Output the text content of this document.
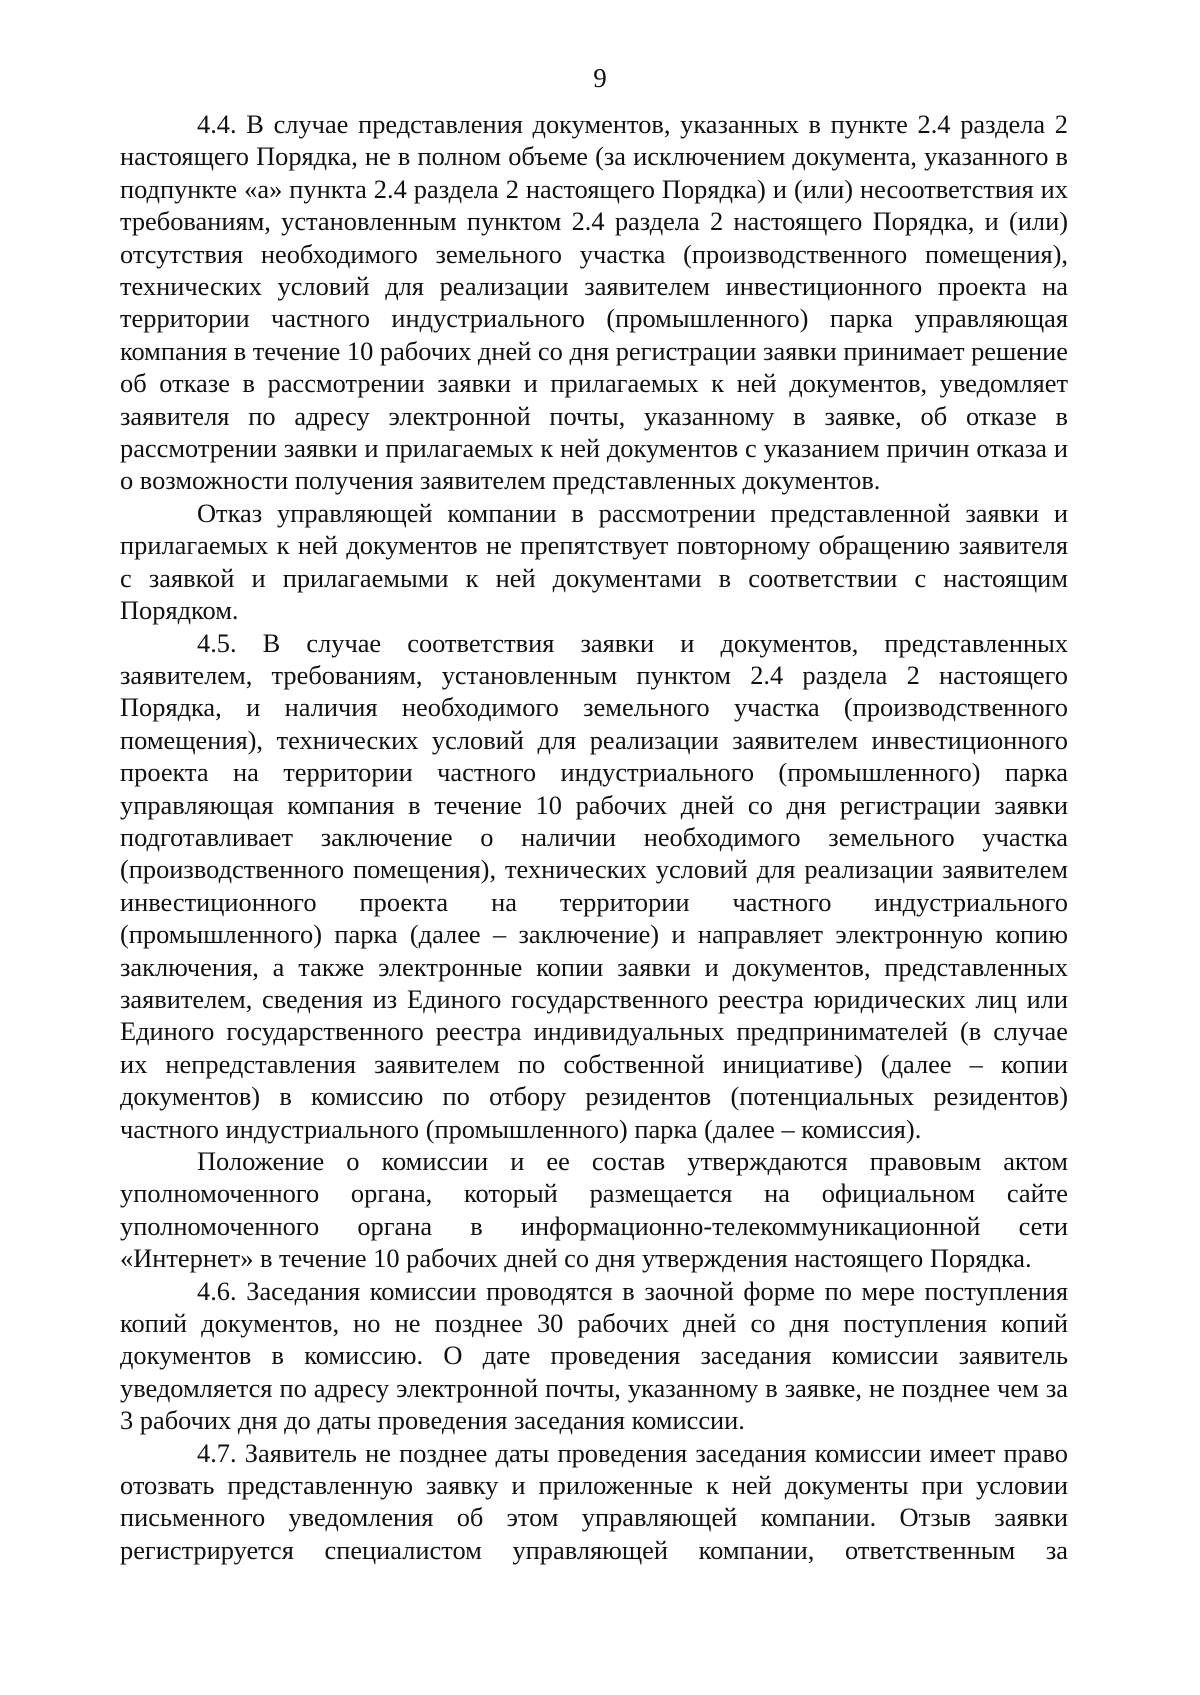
9

4.4. В случае представления документов, указанных в пункте 2.4 раздела 2 настоящего Порядка, не в полном объеме (за исключением документа, указанного в подпункте «а» пункта 2.4 раздела 2 настоящего Порядка) и (или) несоответствия их требованиям, установленным пунктом 2.4 раздела 2 настоящего Порядка, и (или) отсутствия необходимого земельного участка (производственного помещения), технических условий для реализации заявителем инвестиционного проекта на территории частного индустриального (промышленного) парка управляющая компания в течение 10 рабочих дней со дня регистрации заявки принимает решение об отказе в рассмотрении заявки и прилагаемых к ней документов, уведомляет заявителя по адресу электронной почты, указанному в заявке, об отказе в рассмотрении заявки и прилагаемых к ней документов с указанием причин отказа и о возможности получения заявителем представленных документов.

Отказ управляющей компании в рассмотрении представленной заявки и прилагаемых к ней документов не препятствует повторному обращению заявителя с заявкой и прилагаемыми к ней документами в соответствии с настоящим Порядком.

4.5. В случае соответствия заявки и документов, представленных заявителем, требованиям, установленным пунктом 2.4 раздела 2 настоящего Порядка, и наличия необходимого земельного участка (производственного помещения), технических условий для реализации заявителем инвестиционного проекта на территории частного индустриального (промышленного) парка управляющая компания в течение 10 рабочих дней со дня регистрации заявки подготавливает заключение о наличии необходимого земельного участка (производственного помещения), технических условий для реализации заявителем инвестиционного проекта на территории частного индустриального (промышленного) парка (далее – заключение) и направляет электронную копию заключения, а также электронные копии заявки и документов, представленных заявителем, сведения из Единого государственного реестра юридических лиц или Единого государственного реестра индивидуальных предпринимателей (в случае их непредставления заявителем по собственной инициативе) (далее – копии документов) в комиссию по отбору резидентов (потенциальных резидентов) частного индустриального (промышленного) парка (далее – комиссия).

Положение о комиссии и ее состав утверждаются правовым актом уполномоченного органа, который размещается на официальном сайте уполномоченного органа в информационно-телекоммуникационной сети «Интернет» в течение 10 рабочих дней со дня утверждения настоящего Порядка.

4.6. Заседания комиссии проводятся в заочной форме по мере поступления копий документов, но не позднее 30 рабочих дней со дня поступления копий документов в комиссию. О дате проведения заседания комиссии заявитель уведомляется по адресу электронной почты, указанному в заявке, не позднее чем за 3 рабочих дня до даты проведения заседания комиссии.

4.7. Заявитель не позднее даты проведения заседания комиссии имеет право отозвать представленную заявку и приложенные к ней документы при условии письменного уведомления об этом управляющей компании. Отзыв заявки регистрируется специалистом управляющей компании, ответственным за
